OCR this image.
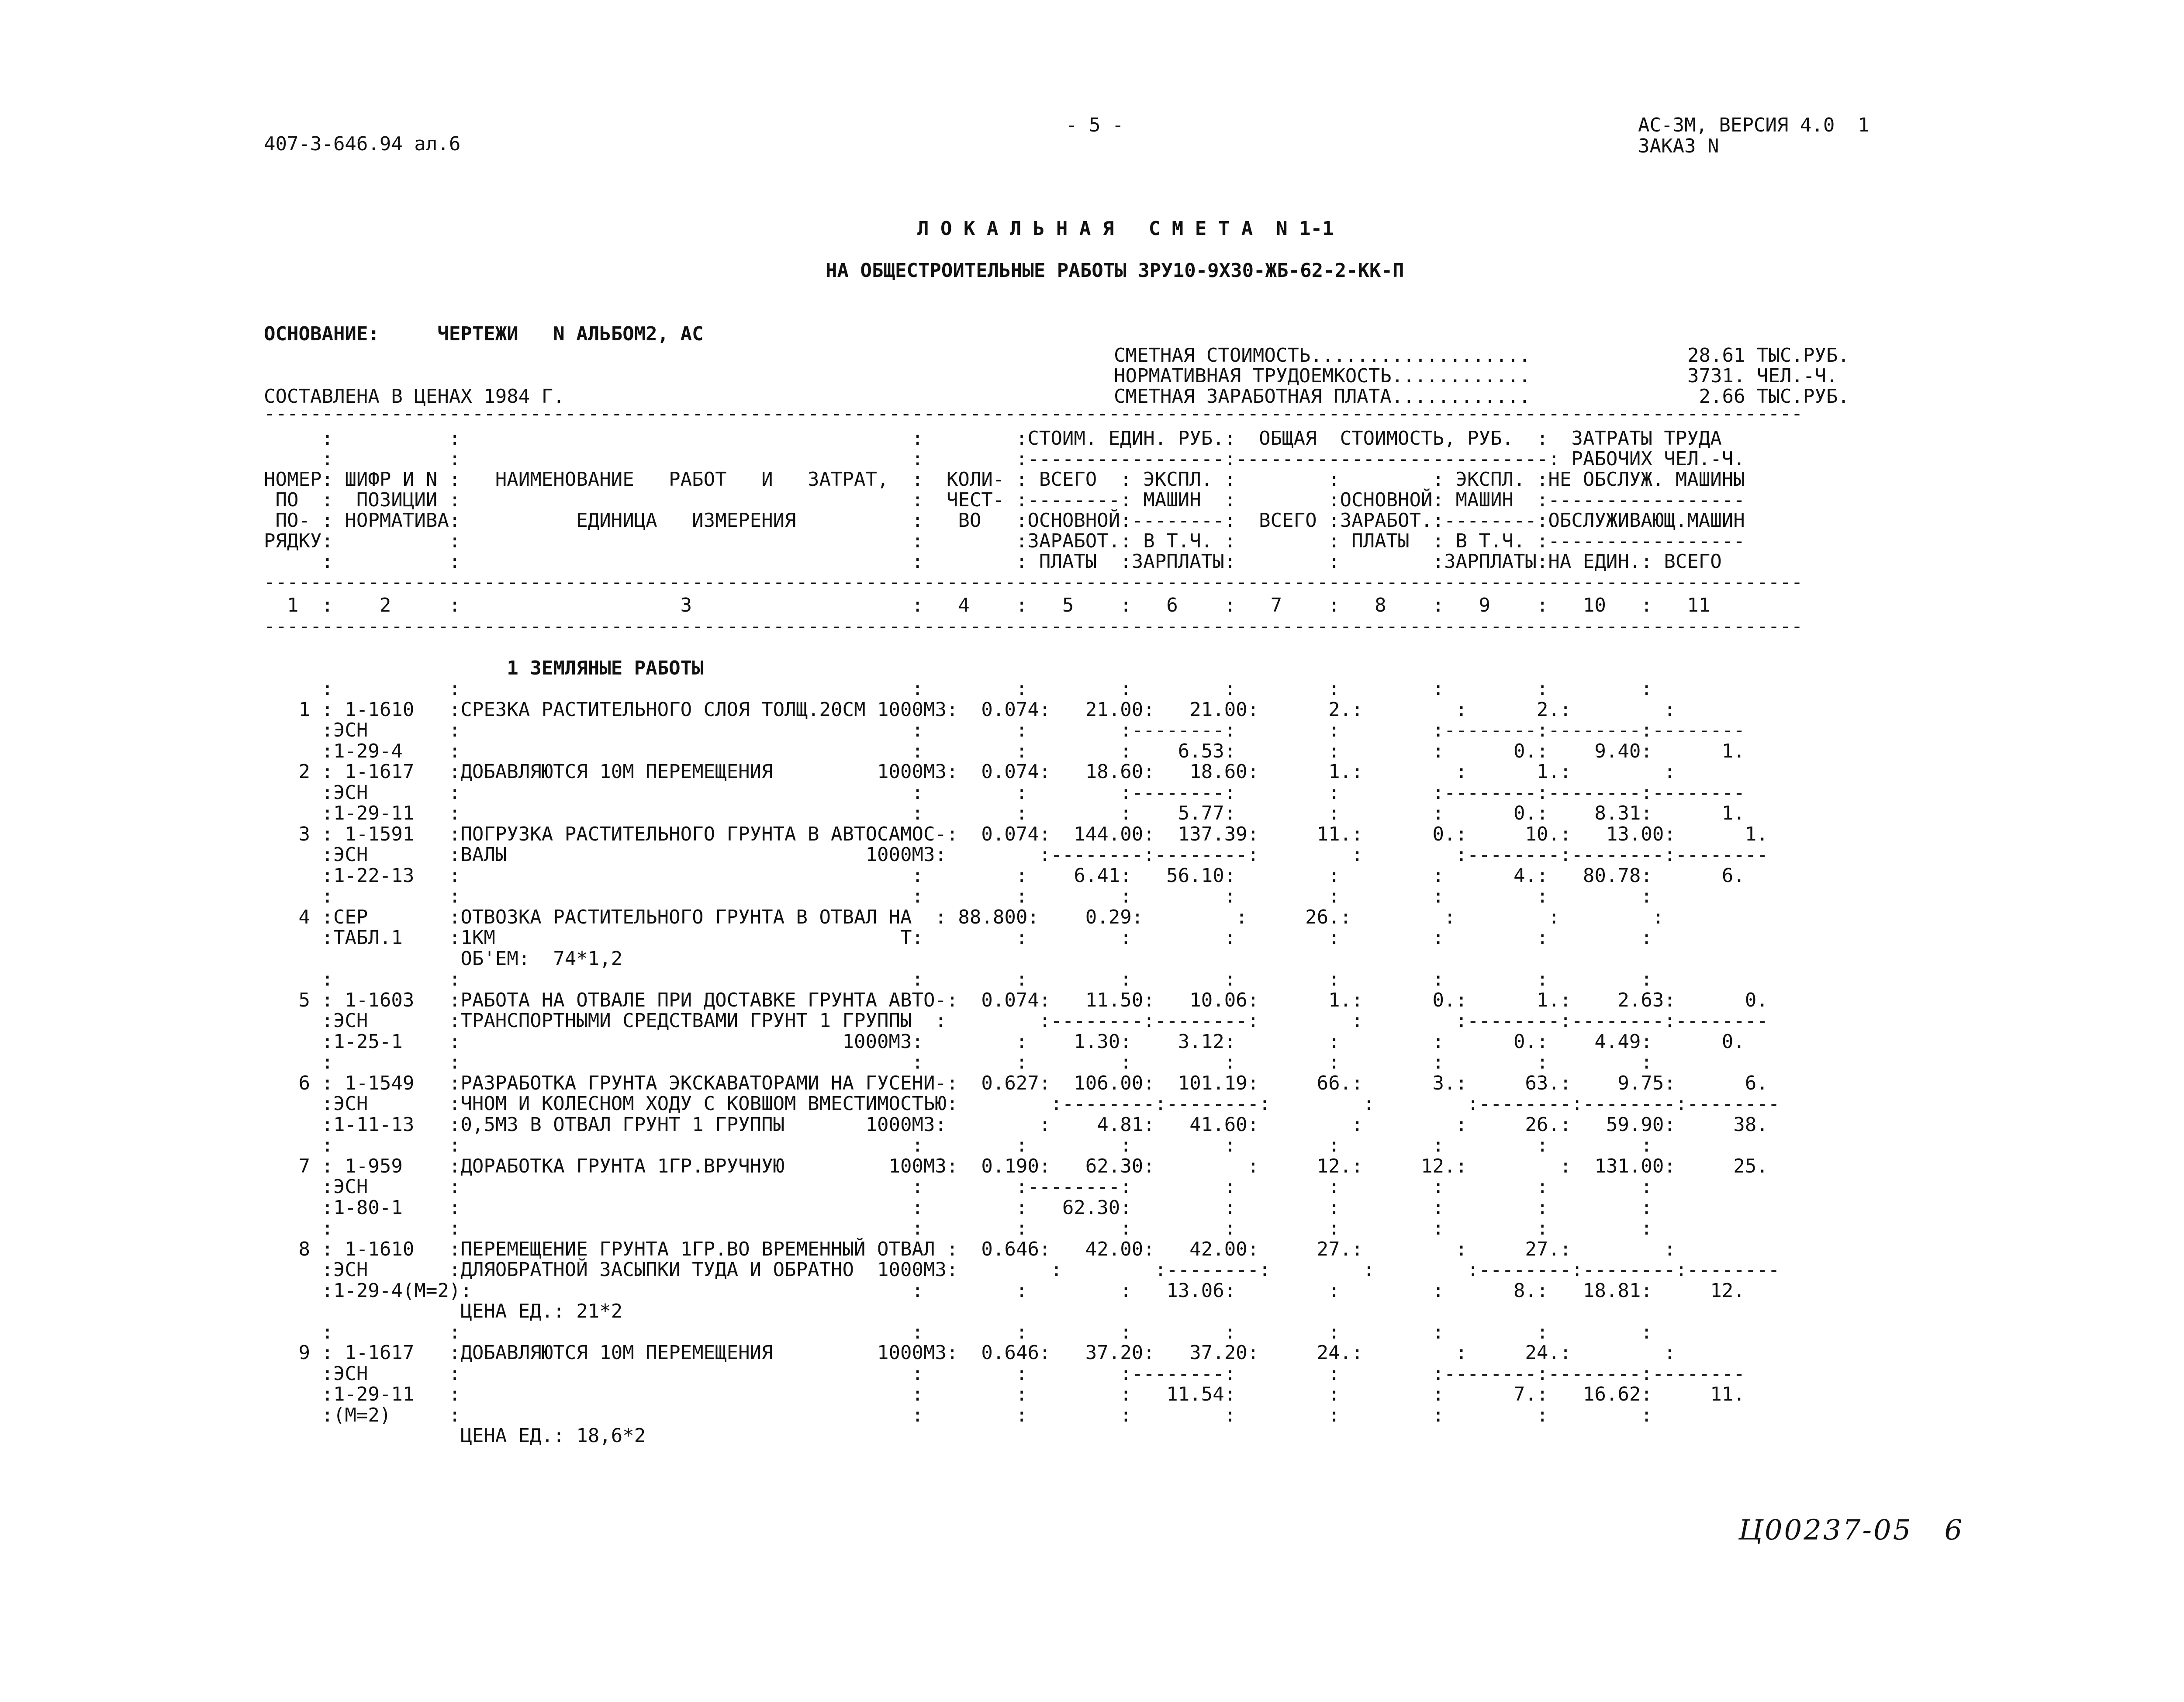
407-3-646.94 ал.6
- 5 -	АС-3М, ВЕРСИЯ 4.0  1
ЗАКАЗ N
Л О К А Л Ь Н А Я   С М Е Т А  N 1-1
НА ОБЩЕСТРОИТЕЛЬНЫЕ РАБОТЫ ЗРУ10-9Х30-ЖБ-62-2-КК-П
ОСНОВАНИЕ:     ЧЕРТЕЖИ   N АЛЬБОМ2, АС
СМЕТНАЯ СТОИМОСТЬ...................
НОРМАТИВНАЯ ТРУДОЕМКОСТЬ............
СМЕТНАЯ ЗАРАБОТНАЯ ПЛАТА............
28.61 ТЫС.РУБ.
3731. ЧЕЛ.-Ч.
2.66 ТЫС.РУБ.
СОСТАВЛЕНА В ЦЕНАХ 1984 Г.
-------------------------------------------------------------------------------------------------------------------------------------
:          :                                       :        :СТОИМ. ЕДИН. РУБ.:  ОБЩАЯ  СТОИМОСТЬ, РУБ.  :  ЗАТРАТЫ ТРУДА
:          :                                       :        :-----------------:---------------------------: РАБОЧИХ ЧЕЛ.-Ч.
НОМЕР: ШИФР И N :   НАИМЕНОВАНИЕ   РАБОТ   И   ЗАТРАТ,  :  КОЛИ- : ВСЕГО  : ЭКСПЛ. :        :        : ЭКСПЛ. :НЕ ОБСЛУЖ. МАШИНЫ
ПО  :  ПОЗИЦИИ :                                       :  ЧЕСТ- :--------: МАШИН  :        :ОСНОВНОЙ: МАШИН  :-----------------
ПО- : НОРМАТИВА:          ЕДИНИЦА   ИЗМЕРЕНИЯ          :   ВО   :ОСНОВНОЙ:--------:  ВСЕГО :ЗАРАБОТ.:--------:ОБСЛУЖИВАЮЩ.МАШИН
РЯДКУ:          :                                       :        :ЗАРАБОТ.: В Т.Ч. :        : ПЛАТЫ  : В Т.Ч. :-----------------
:          :                                       :        : ПЛАТЫ  :ЗАРПЛАТЫ:        :        :ЗАРПЛАТЫ:НА ЕДИН.: ВСЕГО
-------------------------------------------------------------------------------------------------------------------------------------
1  :    2     :                   3                   :   4    :   5    :   6    :   7    :   8    :   9    :   10   :   11
-------------------------------------------------------------------------------------------------------------------------------------
1 ЗЕМЛЯНЫЕ РАБОТЫ
:          :                                       :        :        :        :        :        :        :        :
1 : 1-1610   :СРЕЗКА РАСТИТЕЛЬНОГО СЛОЯ ТОЛЩ.20СМ 1000М3:  0.074:   21.00:   21.00:      2.:        :      2.:        :
:ЭСН       :                                       :        :        :--------:        :        :--------:--------:--------
:1-29-4    :                                       :        :        :    6.53:        :        :      0.:    9.40:      1.
2 : 1-1617   :ДОБАВЛЯЮТСЯ 10М ПЕРЕМЕЩЕНИЯ         1000М3:  0.074:   18.60:   18.60:      1.:        :      1.:        :
:ЭСН       :                                       :        :        :--------:        :        :--------:--------:--------
:1-29-11   :                                       :        :        :    5.77:        :        :      0.:    8.31:      1.
3 : 1-1591   :ПОГРУЗКА РАСТИТЕЛЬНОГО ГРУНТА В АВТОСАМОС-:  0.074:  144.00:  137.39:     11.:      0.:     10.:   13.00:      1.
:ЭСН       :ВАЛЫ                               1000М3:        :--------:--------:        :        :--------:--------:--------
:1-22-13   :                                       :        :    6.41:   56.10:        :        :      4.:   80.78:      6.
:          :                                       :        :        :        :        :        :        :        :
4 :СЕР       :ОТВОЗКА РАСТИТЕЛЬНОГО ГРУНТА В ОТВАЛ НА  : 88.800:    0.29:        :     26.:        :        :        :
:ТАБЛ.1    :1КМ                                   Т:        :        :        :        :        :        :        :
ОБ'ЕМ:  74*1,2
:          :                                       :        :        :        :        :        :        :        :
5 : 1-1603   :РАБОТА НА ОТВАЛЕ ПРИ ДОСТАВКЕ ГРУНТА АВТО-:  0.074:   11.50:   10.06:      1.:      0.:      1.:    2.63:      0.
:ЭСН       :ТРАНСПОРТНЫМИ СРЕДСТВАМИ ГРУНТ 1 ГРУППЫ  :        :--------:--------:        :        :--------:--------:--------
:1-25-1    :                                 1000М3:        :    1.30:    3.12:        :        :      0.:    4.49:      0.
:          :                                       :        :        :        :        :        :        :        :
6 : 1-1549   :РАЗРАБОТКА ГРУНТА ЭКСКАВАТОРАМИ НА ГУСЕНИ-:  0.627:  106.00:  101.19:     66.:      3.:     63.:    9.75:      6.
:ЭСН       :ЧНОМ И КОЛЕСНОМ ХОДУ С КОВШОМ ВМЕСТИМОСТЬЮ:        :--------:--------:        :        :--------:--------:--------
:1-11-13   :0,5М3 В ОТВАЛ ГРУНТ 1 ГРУППЫ       1000М3:        :    4.81:   41.60:        :        :     26.:   59.90:     38.
:          :                                       :        :        :        :        :        :        :        :
7 : 1-959    :ДОРАБОТКА ГРУНТА 1ГР.ВРУЧНУЮ         100М3:  0.190:   62.30:        :     12.:     12.:        :  131.00:     25.
:ЭСН       :                                       :        :--------:        :        :        :        :        :
:1-80-1    :                                       :        :   62.30:        :        :        :        :        :
:          :                                       :        :        :        :        :        :        :        :
8 : 1-1610   :ПЕРЕМЕЩЕНИЕ ГРУНТА 1ГР.ВО ВРЕМЕННЫЙ ОТВАЛ :  0.646:   42.00:   42.00:     27.:        :     27.:        :
:ЭСН       :ДЛЯОБРАТНОЙ ЗАСЫПКИ ТУДА И ОБРАТНО  1000М3:        :        :--------:        :        :--------:--------:--------
:1-29-4(М=2):                                      :        :        :   13.06:        :        :      8.:   18.81:     12.
ЦЕНА ЕД.: 21*2
:          :                                       :        :        :        :        :        :        :        :
9 : 1-1617   :ДОБАВЛЯЮТСЯ 10М ПЕРЕМЕЩЕНИЯ         1000М3:  0.646:   37.20:   37.20:     24.:        :     24.:        :
:ЭСН       :                                       :        :        :--------:        :        :--------:--------:--------
:1-29-11   :                                       :        :        :   11.54:        :        :      7.:   16.62:     11.
:(М=2)     :                                       :        :        :        :        :        :        :        :
ЦЕНА ЕД.: 18,6*2
Ц00237-05   6
